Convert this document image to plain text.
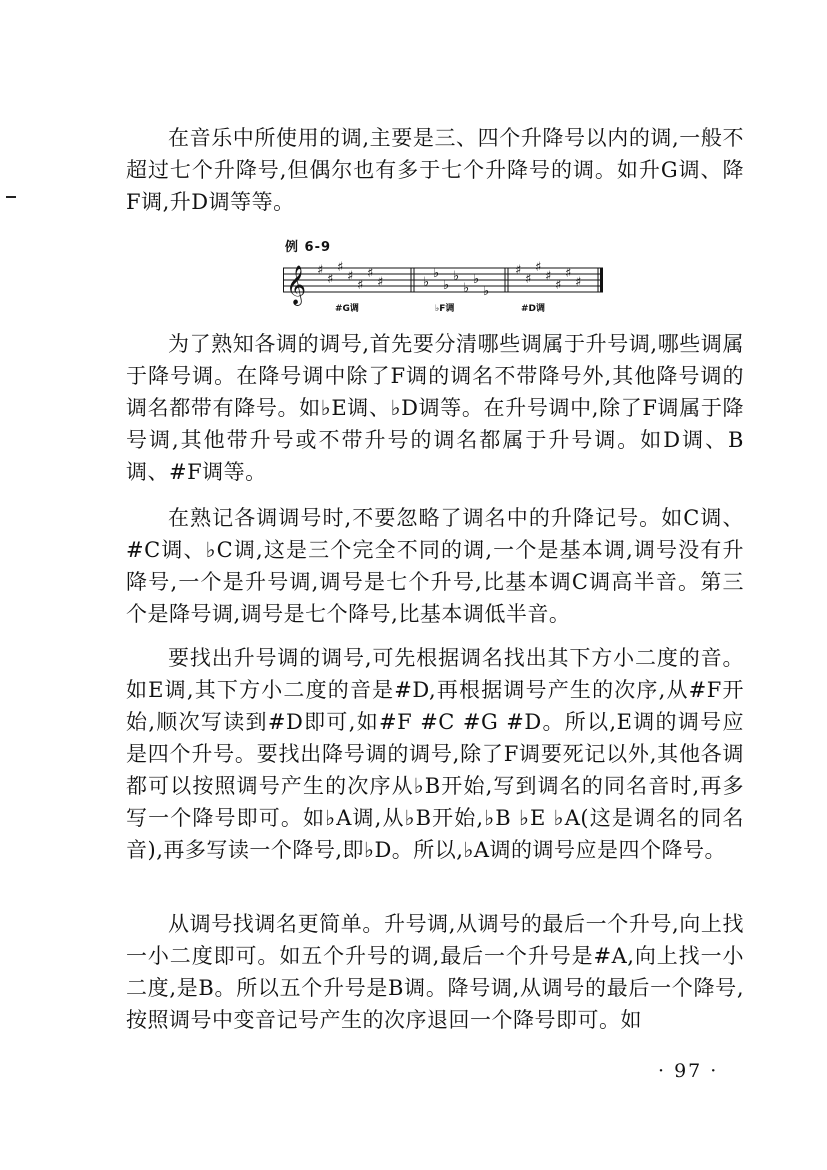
在音乐中所使用的调,主要是三、四个升降号以内的调,一般不超过七个升降号,但偶尔也有多于七个升降号的调。如升G调、降F调,升D调等等。

例 6-9
𝄞 ♯
♯
♯
♯
♯
♯
♯	♭
♭
♭
♭
♭
♭
♭
♯
♯
♯
♯
♯
♯
♯
#G调	♭F调	#D调

为了熟知各调的调号,首先要分清哪些调属于升号调,哪些调属于降号调。在降号调中除了F调的调名不带降号外,其他降号调的调名都带有降号。如♭E调、♭D调等。在升号调中,除了F调属于降号调,其他带升号或不带升号的调名都属于升号调。如D调、B调、#F调等。

在熟记各调调号时,不要忽略了调名中的升降记号。如C调、#C调、♭C调,这是三个完全不同的调,一个是基本调,调号没有升降号,一个是升号调,调号是七个升号,比基本调C调高半音。第三个是降号调,调号是七个降号,比基本调低半音。

要找出升号调的调号,可先根据调名找出其下方小二度的音。如E调,其下方小二度的音是#D,再根据调号产生的次序,从#F开始,顺次写读到#D即可,如#F #C #G #D。所以,E调的调号应是四个升号。要找出降号调的调号,除了F调要死记以外,其他各调都可以按照调号产生的次序从♭B开始,写到调名的同名音时,再多写一个降号即可。如♭A调,从♭B开始,♭B ♭E ♭A(这是调名的同名音),再多写读一个降号,即♭D。所以,♭A调的调号应是四个降号。

从调号找调名更简单。升号调,从调号的最后一个升号,向上找一小二度即可。如五个升号的调,最后一个升号是#A,向上找一小二度,是B。所以五个升号是B调。降号调,从调号的最后一个降号,按照调号中变音记号产生的次序退回一个降号即可。如

· 97 ·
